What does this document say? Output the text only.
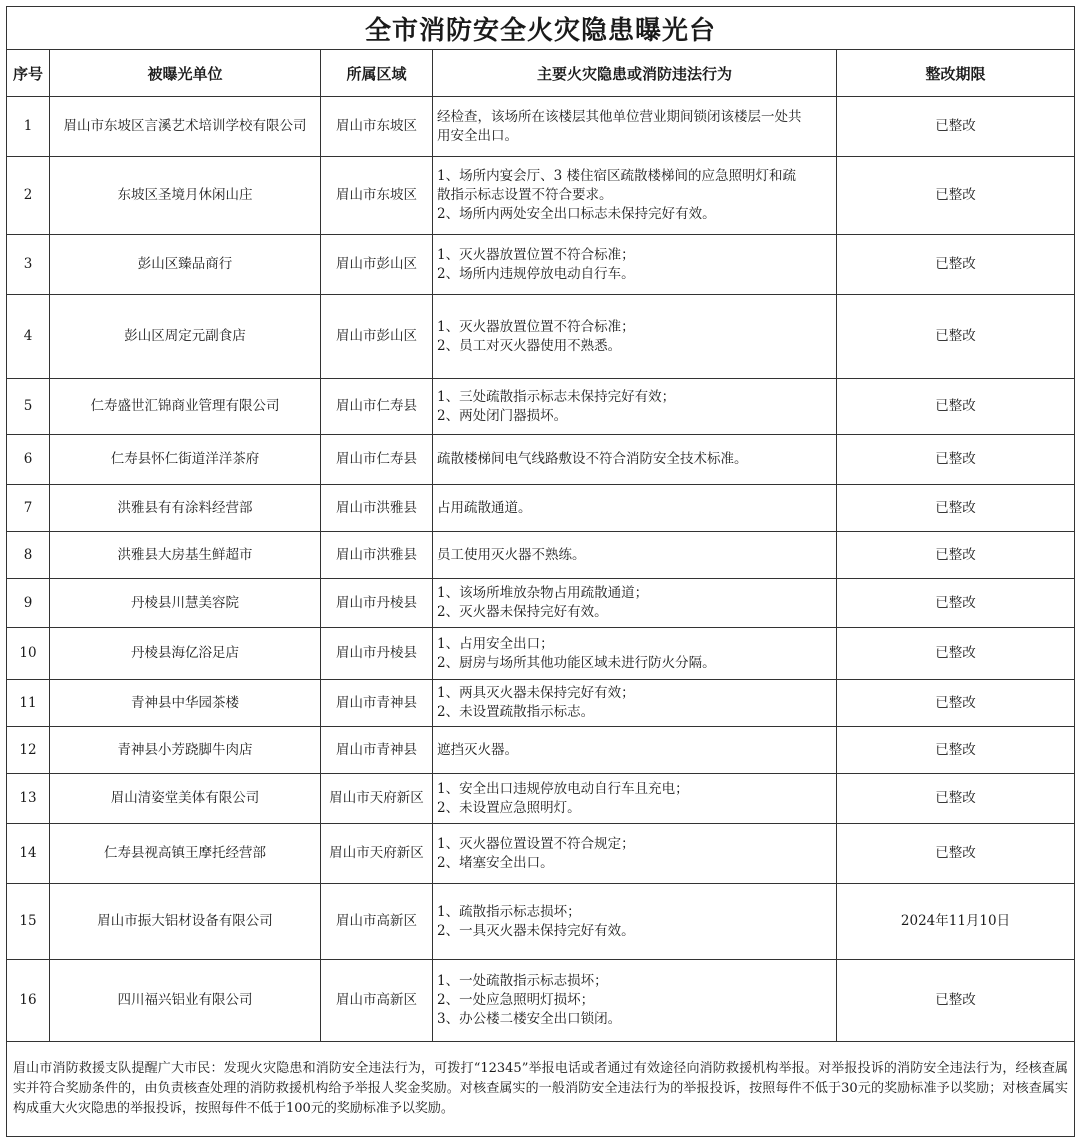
全市消防安全火灾隐患曝光台				
序号	被曝光单位	所属区域	主要火灾隐患或消防违法行为	整改期限
1	眉山市东坡区言溪艺术培训学校有限公司	眉山市东坡区	经检查，该场所在该楼层其他单位营业期间锁闭该楼层一处共
用安全出口。	已整改
2	东坡区圣境月休闲山庄	眉山市东坡区	1、场所内宴会厅、3 楼住宿区疏散楼梯间的应急照明灯和疏
散指示标志设置不符合要求。
2、场所内两处安全出口标志未保持完好有效。	已整改
3	彭山区臻品商行	眉山市彭山区	1、灭火器放置位置不符合标准；
2、场所内违规停放电动自行车。	已整改
4	彭山区周定元副食店	眉山市彭山区	1、灭火器放置位置不符合标准；
2、员工对灭火器使用不熟悉。	已整改
5	仁寿盛世汇锦商业管理有限公司	眉山市仁寿县	1、三处疏散指示标志未保持完好有效；
2、两处闭门器损坏。	已整改
6	仁寿县怀仁街道洋洋茶府	眉山市仁寿县	疏散楼梯间电气线路敷设不符合消防安全技术标准。	已整改
7	洪雅县有有涂料经营部	眉山市洪雅县	占用疏散通道。	已整改
8	洪雅县大房基生鲜超市	眉山市洪雅县	员工使用灭火器不熟练。	已整改
9	丹棱县川慧美容院	眉山市丹棱县	1、该场所堆放杂物占用疏散通道；
2、灭火器未保持完好有效。	已整改
10	丹棱县海亿浴足店	眉山市丹棱县	1、占用安全出口；
2、厨房与场所其他功能区域未进行防火分隔。	已整改
11	青神县中华园茶楼	眉山市青神县	1、两具灭火器未保持完好有效；
2、未设置疏散指示标志。	已整改
12	青神县小芳跷脚牛肉店	眉山市青神县	遮挡灭火器。	已整改
13	眉山清姿堂美体有限公司	眉山市天府新区	1、安全出口违规停放电动自行车且充电；
2、未设置应急照明灯。	已整改
14	仁寿县视高镇王摩托经营部	眉山市天府新区	1、灭火器位置设置不符合规定；
2、堵塞安全出口。	已整改
15	眉山市振大铝材设备有限公司	眉山市高新区	1、疏散指示标志损坏；
2、一具灭火器未保持完好有效。	2024年11月10日
16	四川福兴铝业有限公司	眉山市高新区	1、一处疏散指示标志损坏；
2、一处应急照明灯损坏；
3、办公楼二楼安全出口锁闭。	已整改
眉山市消防救援支队提醒广大市民：发现火灾隐患和消防安全违法行为，可拨打“12345”举报电话或者通过有效途径向消防救援机构举报。对举报投诉的消防安全违法行为，经核查属实并符合奖励条件的，由负责核查处理的消防救援机构给予举报人奖金奖励。对核查属实的一般消防安全违法行为的举报投诉，按照每件不低于30元的奖励标准予以奖励；对核查属实构成重大火灾隐患的举报投诉，按照每件不低于100元的奖励标准予以奖励。				
